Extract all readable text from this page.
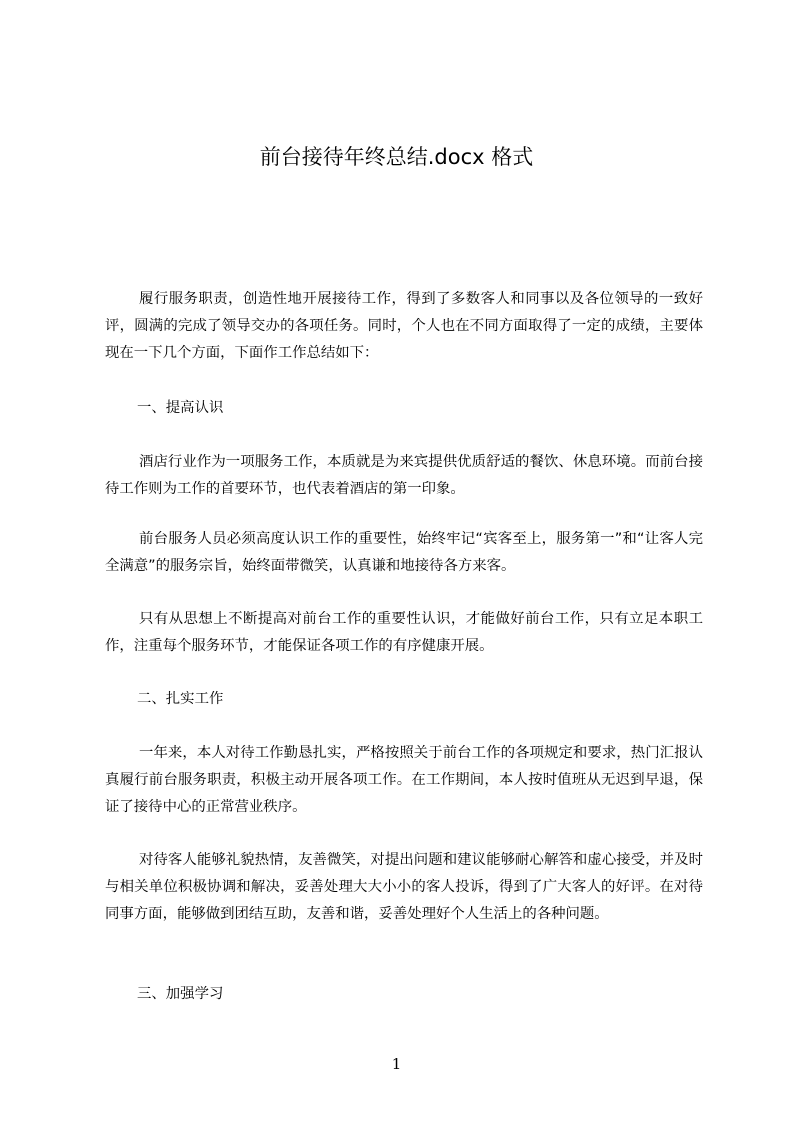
前台接待年终总结.docx 格式

履行服务职责，创造性地开展接待工作，得到了多数客人和同事以及各位领导的一致好评，圆满的完成了领导交办的各项任务。同时，个人也在不同方面取得了一定的成绩，主要体现在一下几个方面，下面作工作总结如下：

一、提高认识

酒店行业作为一项服务工作，本质就是为来宾提供优质舒适的餐饮、休息环境。而前台接待工作则为工作的首要环节，也代表着酒店的第一印象。

前台服务人员必须高度认识工作的重要性，始终牢记“宾客至上，服务第一”和“让客人完全满意”的服务宗旨，始终面带微笑，认真谦和地接待各方来客。

只有从思想上不断提高对前台工作的重要性认识，才能做好前台工作，只有立足本职工作，注重每个服务环节，才能保证各项工作的有序健康开展。

二、扎实工作

一年来，本人对待工作勤恳扎实，严格按照关于前台工作的各项规定和要求，热门汇报认真履行前台服务职责，积极主动开展各项工作。在工作期间，本人按时值班从无迟到早退，保证了接待中心的正常营业秩序。

对待客人能够礼貌热情，友善微笑，对提出问题和建议能够耐心解答和虚心接受，并及时与相关单位积极协调和解决，妥善处理大大小小的客人投诉，得到了广大客人的好评。在对待同事方面，能够做到团结互助，友善和谐，妥善处理好个人生活上的各种问题。

三、加强学习
1
